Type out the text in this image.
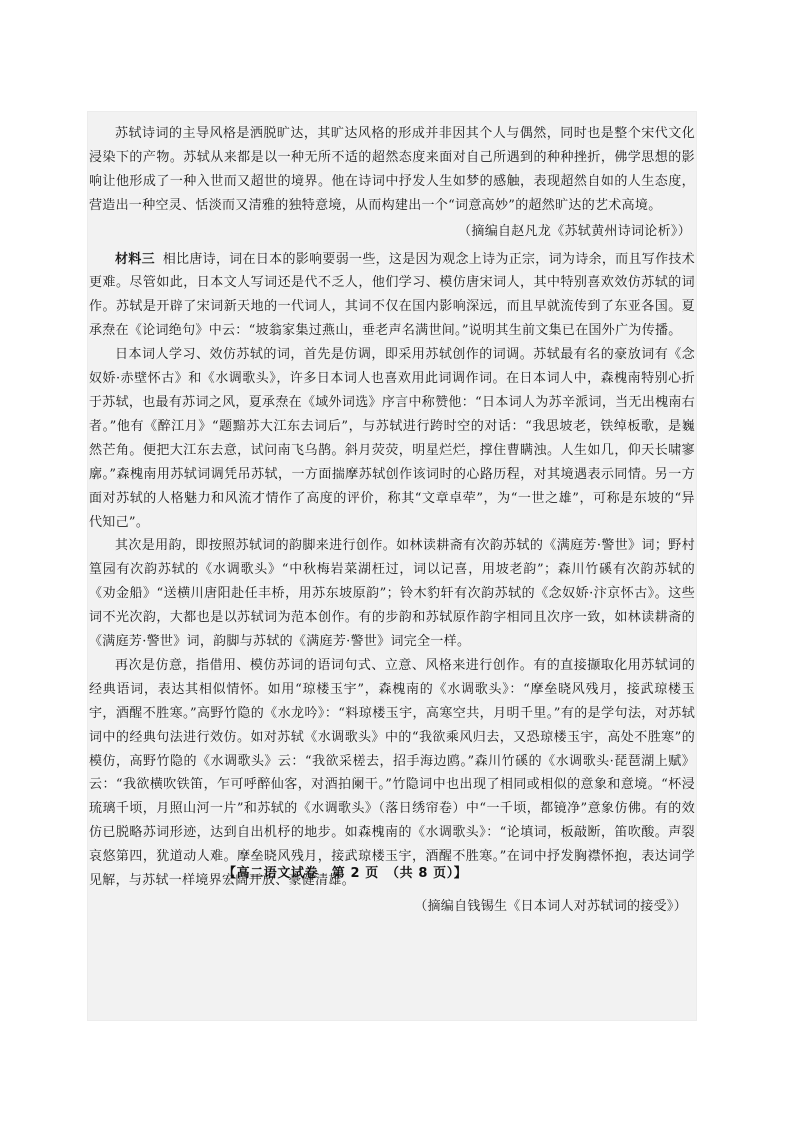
苏轼诗词的主导风格是洒脱旷达，其旷达风格的形成并非因其个人与偶然，同时也是整个宋代文化浸染下的产物。苏轼从来都是以一种无所不适的超然态度来面对自己所遇到的种种挫折，佛学思想的影响让他形成了一种入世而又超世的境界。他在诗词中抒发人生如梦的感触，表现超然自如的人生态度，营造出一种空灵、恬淡而又清雅的独特意境，从而构建出一个“词意高妙”的超然旷达的艺术高境。

（摘编自赵凡龙《苏轼黄州诗词论析》）

材料三 相比唐诗，词在日本的影响要弱一些，这是因为观念上诗为正宗，词为诗余，而且写作技术更难。尽管如此，日本文人写词还是代不乏人，他们学习、模仿唐宋词人，其中特别喜欢效仿苏轼的词作。苏轼是开辟了宋词新天地的一代词人，其词不仅在国内影响深远，而且早就流传到了东亚各国。夏承焘在《论词绝句》中云：“坡翁家集过燕山，垂老声名满世间。”说明其生前文集已在国外广为传播。

日本词人学习、效仿苏轼的词，首先是仿调，即采用苏轼创作的词调。苏轼最有名的豪放词有《念奴娇·赤壁怀古》和《水调歌头》，许多日本词人也喜欢用此词调作词。在日本词人中，森槐南特别心折于苏轼，也最有苏词之风，夏承焘在《域外词选》序言中称赞他：“日本词人为苏辛派词，当无出槐南右者。”他有《醉江月》“题黯苏大江东去词后”，与苏轼进行跨时空的对话：“我思坡老，铁绰板歌，是巍然芒角。便把大江东去意，试问南飞乌鹊。斜月荧荧，明星烂烂，撑住曹瞒浊。人生如几，仰天长啸寥廓。”森槐南用苏轼词调凭吊苏轼，一方面揣摩苏轼创作该词时的心路历程，对其境遇表示同情。另一方面对苏轼的人格魅力和风流才情作了高度的评价，称其“文章卓荦”，为“一世之雄”，可称是东坡的“异代知己”。

其次是用韵，即按照苏轼词的韵脚来进行创作。如林读耕斋有次韵苏轼的《满庭芳·警世》词；野村篁园有次韵苏轼的《水调歌头》“中秋梅岩菜湖枉过，词以记喜，用坡老韵”；森川竹磎有次韵苏轼的《劝金船》“送横川唐阳赴任丰桥，用苏东坡原韵”；铃木豹轩有次韵苏轼的《念奴娇·汴京怀古》。这些词不光次韵，大都也是以苏轼词为范本创作。有的步韵和苏轼原作韵字相同且次序一致，如林读耕斋的《满庭芳·警世》词，韵脚与苏轼的《满庭芳·警世》词完全一样。

再次是仿意，指借用、模仿苏词的语词句式、立意、风格来进行创作。有的直接撷取化用苏轼词的经典语词，表达其相似情怀。如用“琼楼玉宇”，森槐南的《水调歌头》：“摩垒晓风残月，接武琼楼玉宇，酒醒不胜寒。”高野竹隐的《水龙吟》：“料琼楼玉宇，高寒空共，月明千里。”有的是学句法，对苏轼词中的经典句法进行效仿。如对苏轼《水调歌头》中的“我欲乘风归去，又恐琼楼玉宇，高处不胜寒”的模仿，高野竹隐的《水调歌头》云：“我欲采槎去，招手海边鸥。”森川竹磎的《水调歌头·琵琶湖上赋》云：“我欲横吹铁笛，乍可呼醉仙客，对酒拍阑干。”竹隐词中也出现了相同或相似的意象和意境。“杯浸琉璃千顷，月照山河一片”和苏轼的《水调歌头》（落日绣帘卷）中“一千顷，都镜净”意象仿佛。有的效仿已脱略苏词形迹，达到自出机杼的地步。如森槐南的《水调歌头》：“论填词，板敲断，笛吹酸。声裂哀悠第四，犹道动人难。摩垒晓风残月，接武琼楼玉宇，酒醒不胜寒。”在词中抒发胸襟怀抱，表达词学见解，与苏轼一样境界宏阔开放、豪健清雄。

（摘编自钱锡生《日本词人对苏轼词的接受》）

【高二语文试卷　第 2 页　（共 8 页）】
